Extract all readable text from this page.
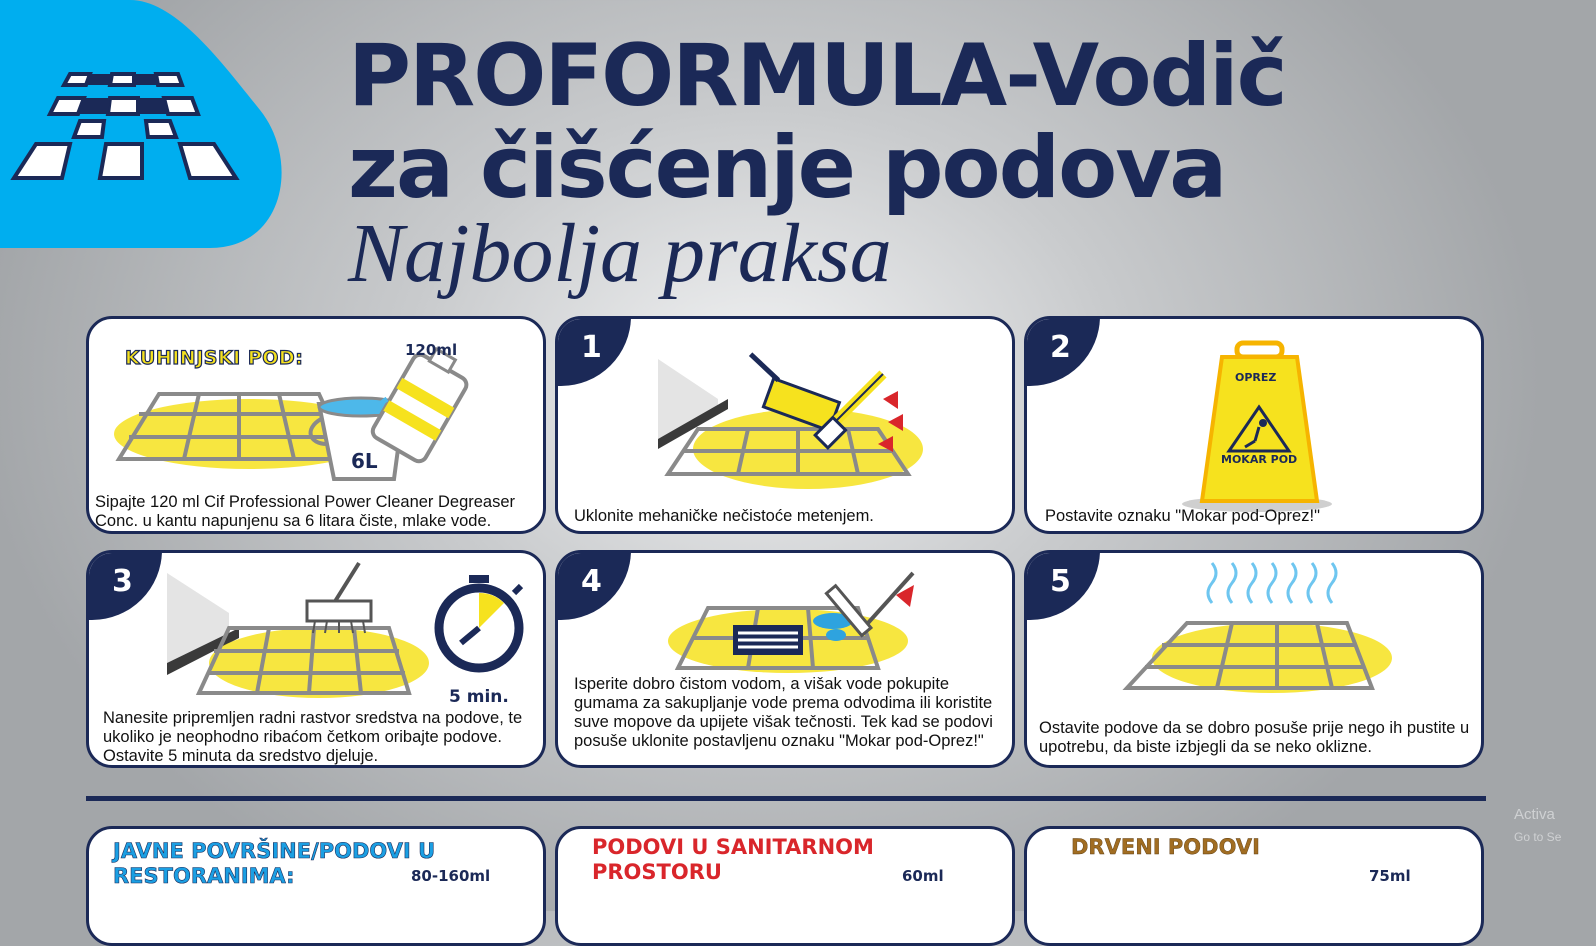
PROFORMULA-Vodič
za čišćenje podova
Najbolja praksa
KUHINJSKI POD:	120ml
6L
Sipajte 120 ml Cif Professional Power Cleaner Degreaser Conc. u kantu napunjenu sa 6 litara čiste, mlake vode.
1
Uklonite mehaničke nečistoće metenjem.
OPREZ
MOKAR POD
2
Postavite oznaku "Mokar pod-Oprez!"
5 min.
3
Nanesite pripremljen radni rastvor sredstva na podove, te ukoliko je neophodno ribaćom četkom oribajte podove. Ostavite 5 minuta da sredstvo djeluje.
4
Isperite dobro čistom vodom, a višak vode pokupite gumama za sakupljanje vode prema odvodima ili koristite suve mopove da upijete višak tečnosti. Tek kad se podovi posuše uklonite postavljenu oznaku "Mokar pod-Oprez!"
5
Ostavite podove da se dobro posuše prije nego ih pustite u upotrebu, da biste izbjegli da se neko oklizne.
JAVNE POVRŠINE/PODOVI U
RESTORANIMA:	80-160ml
PODOVI U SANITARNOM
PROSTORU	60ml
DRVENI PODOVI
75ml
Activa
Go to Se
